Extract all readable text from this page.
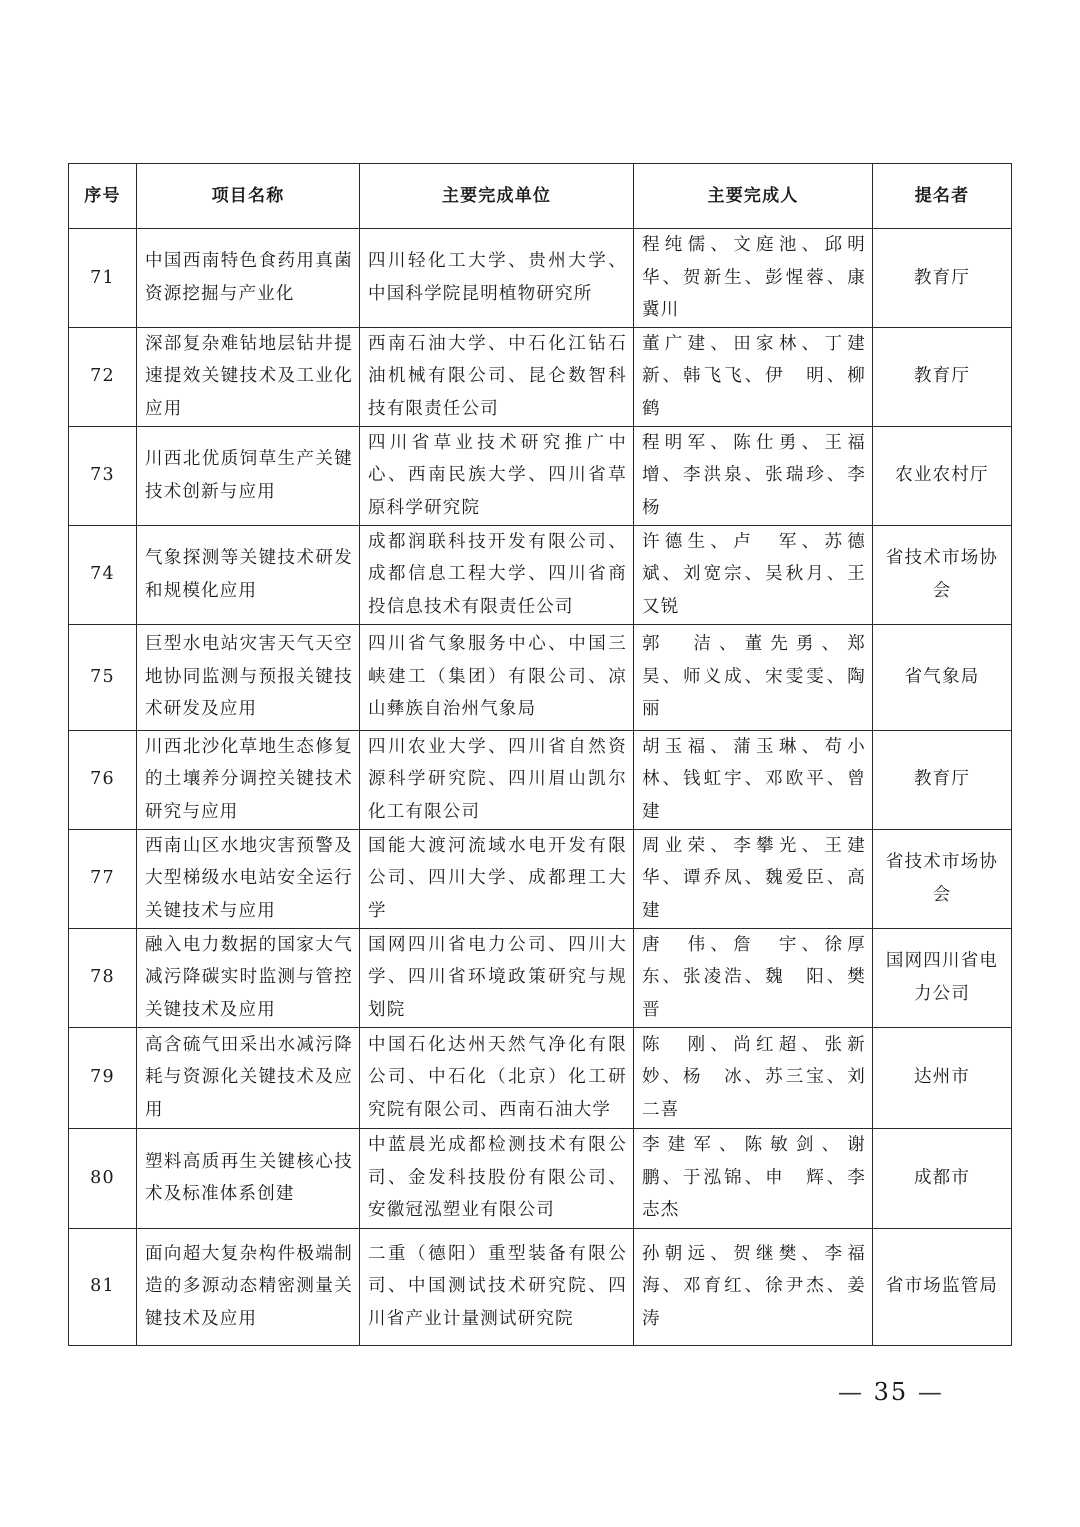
序号	项目名称	主要完成单位	主要完成人	提名者
71	中国西南特色食药用真菌资源挖掘与产业化	四川轻化工大学、贵州大学、中国科学院昆明植物研究所	程纯儒、文庭池、邱明华、贺新生、彭惺蓉、康冀川	教育厅
72	深部复杂难钻地层钻井提速提效关键技术及工业化应用	西南石油大学、中石化江钻石油机械有限公司、昆仑数智科技有限责任公司	董广建、田家林、丁建新、韩飞飞、伊　明、柳　鹤	教育厅
73	川西北优质饲草生产关键技术创新与应用	四川省草业技术研究推广中心、西南民族大学、四川省草原科学研究院	程明军、陈仕勇、王福增、李洪泉、张瑞珍、李　杨	农业农村厅
74	气象探测等关键技术研发和规模化应用	成都润联科技开发有限公司、成都信息工程大学、四川省商投信息技术有限责任公司	许德生、卢　军、苏德斌、刘宽宗、吴秋月、王又锐	省技术市场协会
75	巨型水电站灾害天气天空地协同监测与预报关键技术研发及应用	四川省气象服务中心、中国三峡建工（集团）有限公司、凉山彝族自治州气象局	郭　洁、董先勇、郑　昊、师义成、宋雯雯、陶　丽	省气象局
76	川西北沙化草地生态修复的土壤养分调控关键技术研究与应用	四川农业大学、四川省自然资源科学研究院、四川眉山凯尔化工有限公司	胡玉福、蒲玉琳、苟小林、钱虹宇、邓欧平、曾　建	教育厅
77	西南山区水地灾害预警及大型梯级水电站安全运行关键技术与应用	国能大渡河流域水电开发有限公司、四川大学、成都理工大学	周业荣、李攀光、王建华、谭乔凤、魏爱臣、高　建	省技术市场协会
78	融入电力数据的国家大气减污降碳实时监测与管控关键技术及应用	国网四川省电力公司、四川大学、四川省环境政策研究与规划院	唐　伟、詹　宇、徐厚东、张凌浩、魏　阳、樊　晋	国网四川省电力公司
79	高含硫气田采出水减污降耗与资源化关键技术及应用	中国石化达州天然气净化有限公司、中石化（北京）化工研究院有限公司、西南石油大学	陈　刚、尚红超、张新妙、杨　冰、苏三宝、刘二喜	达州市
80	塑料高质再生关键核心技术及标准体系创建	中蓝晨光成都检测技术有限公司、金发科技股份有限公司、安徽冠泓塑业有限公司	李建军、陈敏剑、谢　鹏、于泓锦、申　辉、李志杰	成都市
81	面向超大复杂构件极端制造的多源动态精密测量关键技术及应用	二重（德阳）重型装备有限公司、中国测试技术研究院、四川省产业计量测试研究院	孙朝远、贺继樊、李福海、邓育红、徐尹杰、姜　涛	省市场监管局
— 35 —
